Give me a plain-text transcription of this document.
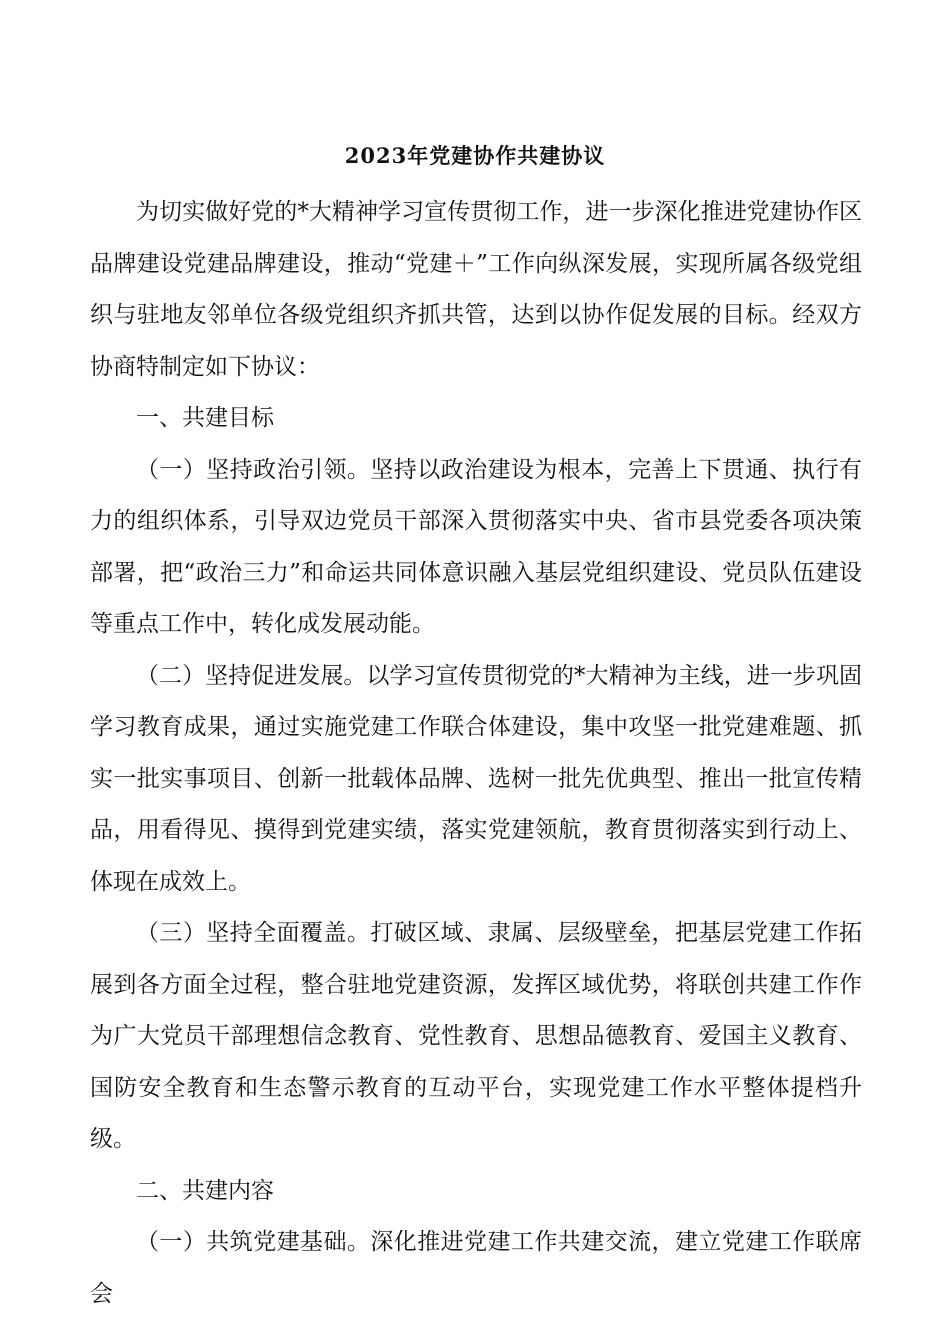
2023年党建协作共建协议

为切实做好党的*大精神学习宣传贯彻工作，进一步深化推进党建协作区品牌建设党建品牌建设，推动“党建＋”工作向纵深发展，实现所属各级党组织与驻地友邻单位各级党组织齐抓共管，达到以协作促发展的目标。经双方协商特制定如下协议：

一、共建目标

（一）坚持政治引领。坚持以政治建设为根本，完善上下贯通、执行有力的组织体系，引导双边党员干部深入贯彻落实中央、省市县党委各项决策部署，把“政治三力”和命运共同体意识融入基层党组织建设、党员队伍建设等重点工作中，转化成发展动能。

（二）坚持促进发展。以学习宣传贯彻党的*大精神为主线，进一步巩固学习教育成果，通过实施党建工作联合体建设，集中攻坚一批党建难题、抓实一批实事项目、创新一批载体品牌、选树一批先优典型、推出一批宣传精品，用看得见、摸得到党建实绩，落实党建领航，教育贯彻落实到行动上、体现在成效上。

（三）坚持全面覆盖。打破区域、隶属、层级壁垒，把基层党建工作拓展到各方面全过程，整合驻地党建资源，发挥区域优势，将联创共建工作作为广大党员干部理想信念教育、党性教育、思想品德教育、爱国主义教育、国防安全教育和生态警示教育的互动平台，实现党建工作水平整体提档升级。

二、共建内容

（一）共筑党建基础。深化推进党建工作共建交流，建立党建工作联席会
